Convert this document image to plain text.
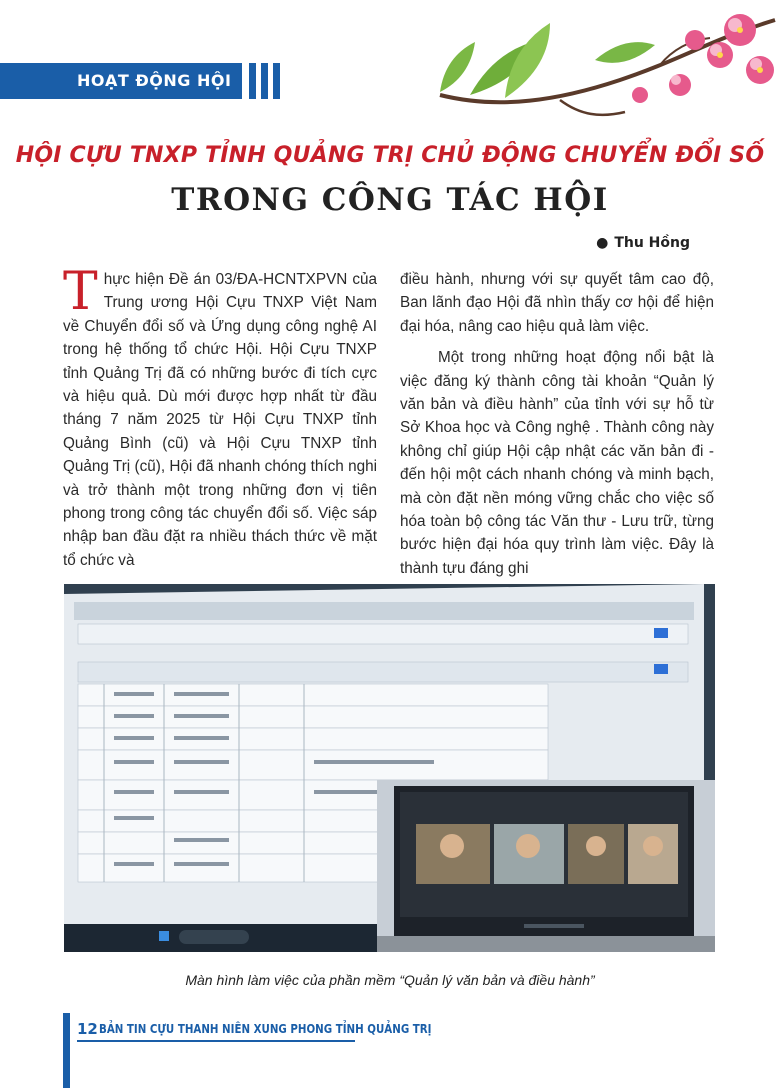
HOẠT ĐỘNG HỘI
HỘI CỰU TNXP TỈNH QUẢNG TRỊ CHỦ ĐỘNG CHUYỂN ĐỔI SỐ
TRONG CÔNG TÁC HỘI
● Thu Hồng

Thực hiện Đề án 03/ĐA-HCNTXPVN của Trung ương Hội Cựu TNXP Việt Nam về Chuyển đổi số và Ứng dụng công nghệ AI trong hệ thống tổ chức Hội. Hội Cựu TNXP tỉnh Quảng Trị đã có những bước đi tích cực và hiệu quả. Dù mới được hợp nhất từ đầu tháng 7 năm 2025 từ Hội Cựu TNXP tỉnh Quảng Bình (cũ) và Hội Cựu TNXP tỉnh Quảng Trị (cũ), Hội đã nhanh chóng thích nghi và trở thành một trong những đơn vị tiên phong trong công tác chuyển đổi số. Việc sáp nhập ban đầu đặt ra nhiều thách thức về mặt tổ chức và

điều hành, nhưng với sự quyết tâm cao độ, Ban lãnh đạo Hội đã nhìn thấy cơ hội để hiện đại hóa, nâng cao hiệu quả làm việc.

Một trong những hoạt động nổi bật là việc đăng ký thành công tài khoản “Quản lý văn bản và điều hành” của tỉnh với sự hỗ từ Sở Khoa học và Công nghệ . Thành công này không chỉ giúp Hội cập nhật các văn bản đi - đến hội một cách nhanh chóng và minh bạch, mà còn đặt nền móng vững chắc cho việc số hóa toàn bộ công tác Văn thư - Lưu trữ, từng bước hiện đại hóa quy trình làm việc. Đây là thành tựu đáng ghi

Màn hình làm việc của phần mềm “Quản lý văn bản và điều hành”
12 BẢN TIN CỰU THANH NIÊN XUNG PHONG TỈNH QUẢNG TRỊ
